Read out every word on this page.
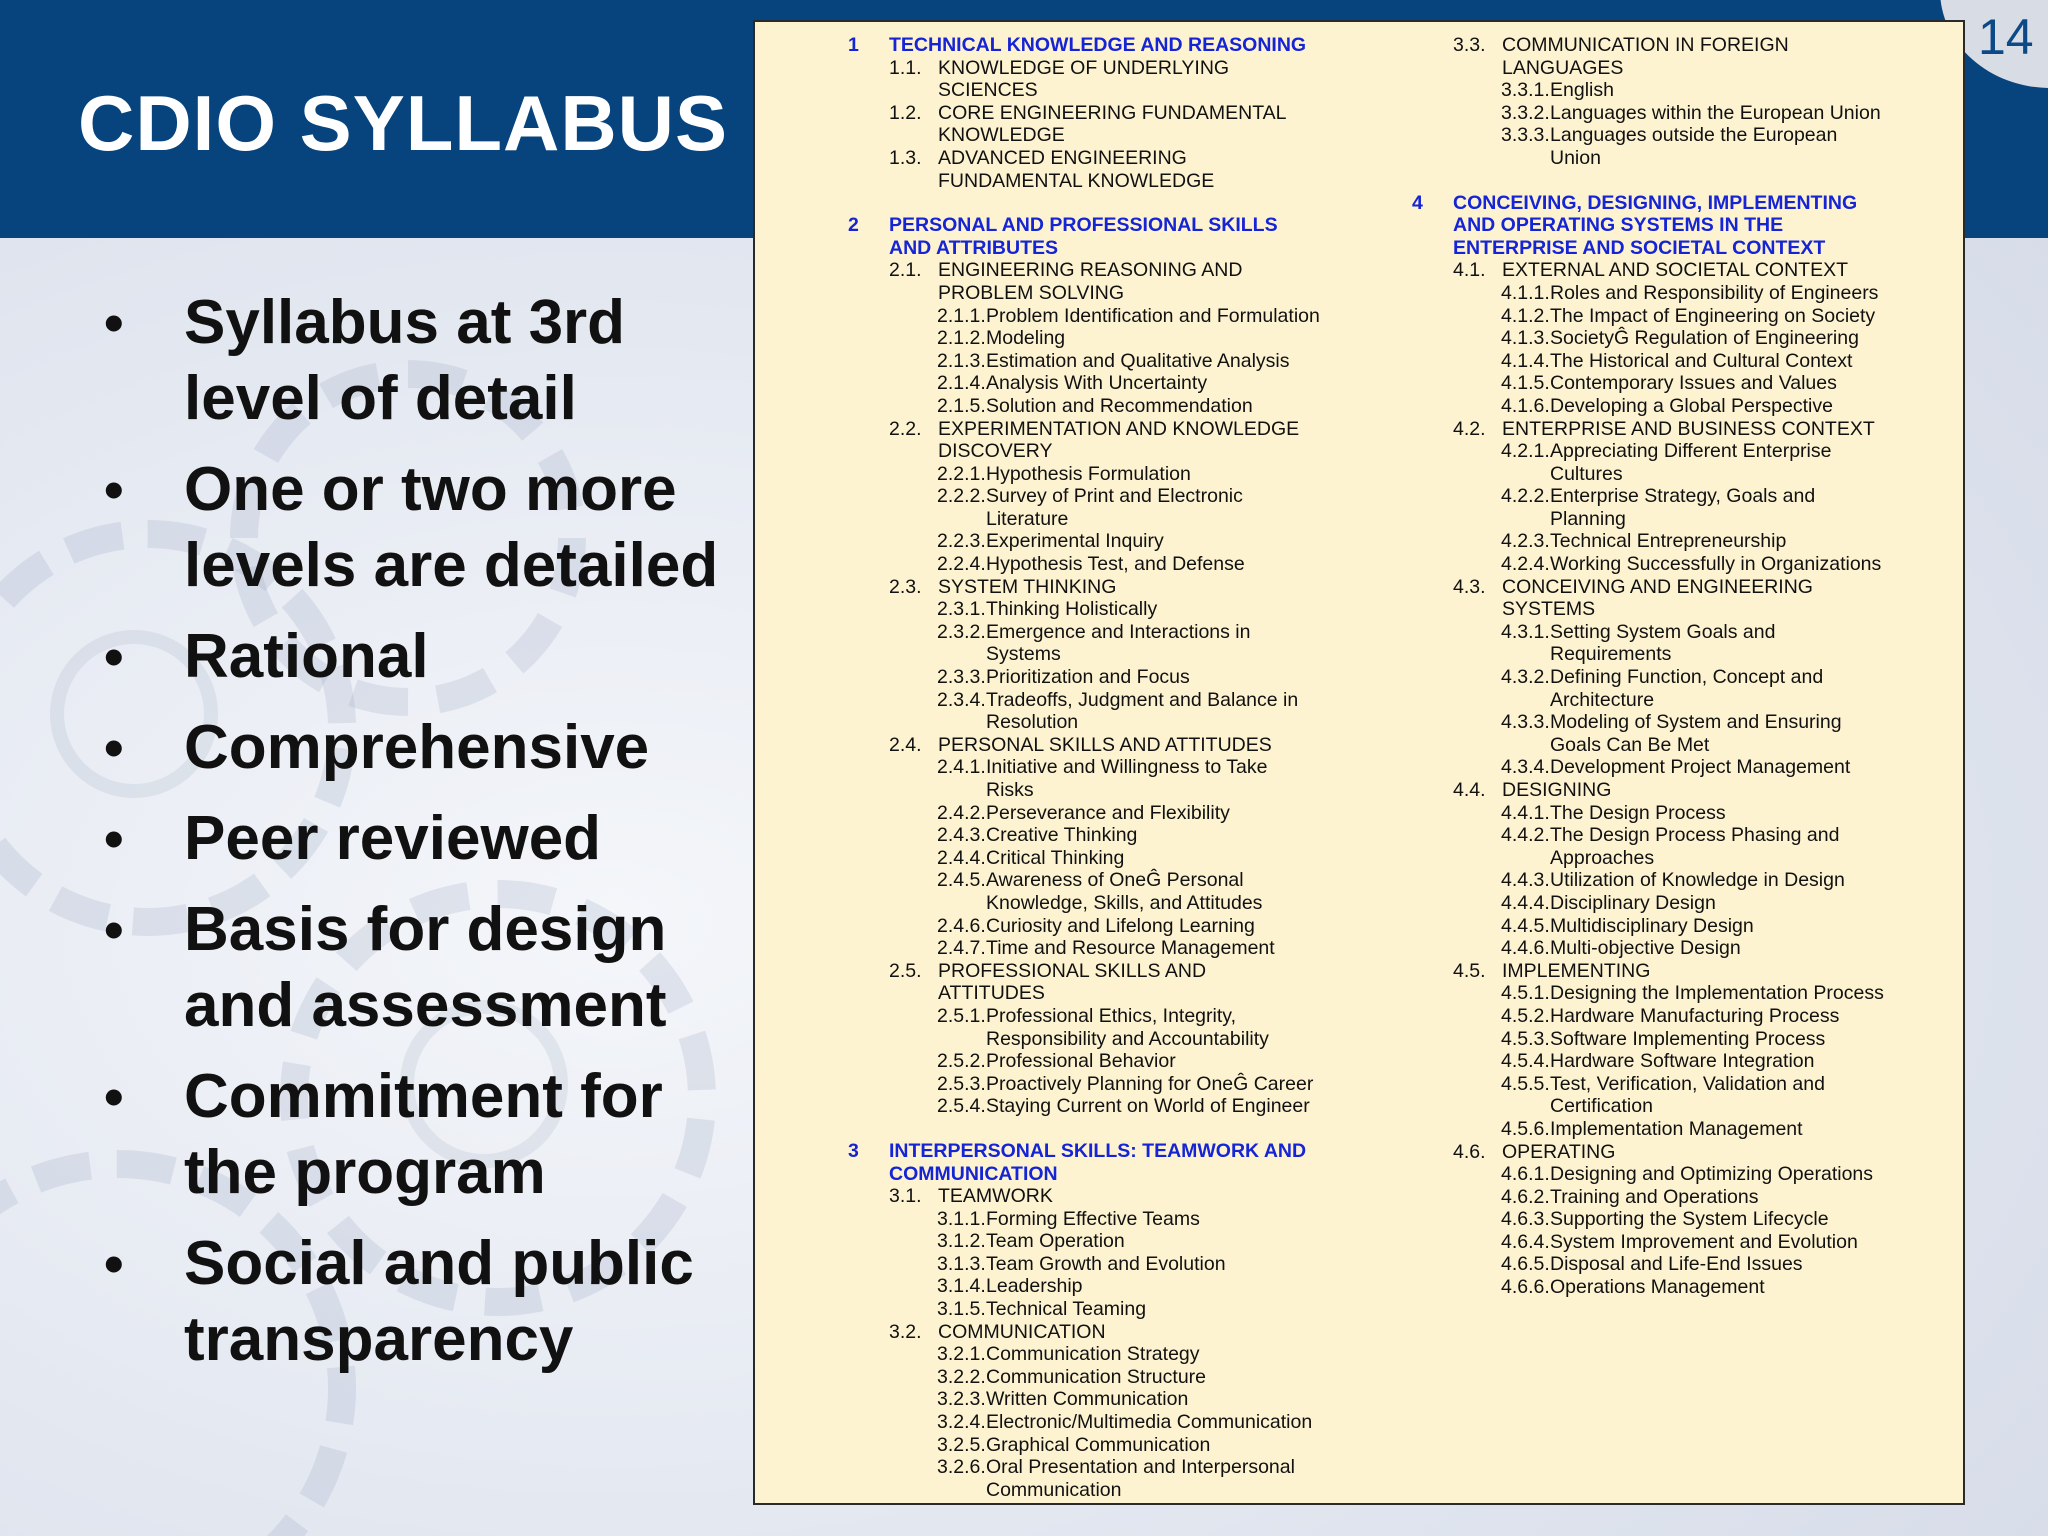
CDIO SYLLABUS
14
• Syllabus at 3rd level of detail
• One or two more levels are detailed
• Rational
• Comprehensive
• Peer reviewed
• Basis for design and assessment
• Commitment for the program
• Social and public transparency
1 TECHNICAL KNOWLEDGE AND REASONING
1.1. KNOWLEDGE OF UNDERLYING
SCIENCES
1.2. CORE ENGINEERING FUNDAMENTAL
KNOWLEDGE
1.3. ADVANCED ENGINEERING
FUNDAMENTAL KNOWLEDGE
2 PERSONAL AND PROFESSIONAL SKILLS
AND ATTRIBUTES
2.1. ENGINEERING REASONING AND
PROBLEM SOLVING
2.1.1. Problem Identification and Formulation
2.1.2. Modeling
2.1.3. Estimation and Qualitative Analysis
2.1.4. Analysis With Uncertainty
2.1.5. Solution and Recommendation
2.2. EXPERIMENTATION AND KNOWLEDGE
DISCOVERY
2.2.1. Hypothesis Formulation
2.2.2. Survey of Print and Electronic
Literature
2.2.3. Experimental Inquiry
2.2.4. Hypothesis Test, and Defense
2.3. SYSTEM THINKING
2.3.1. Thinking Holistically
2.3.2. Emergence and Interactions in
Systems
2.3.3. Prioritization and Focus
2.3.4. Tradeoffs, Judgment and Balance in
Resolution
2.4. PERSONAL SKILLS AND ATTITUDES
2.4.1. Initiative and Willingness to Take
Risks
2.4.2. Perseverance and Flexibility
2.4.3. Creative Thinking
2.4.4. Critical Thinking
2.4.5. Awareness of OneĜ Personal
Knowledge, Skills, and Attitudes
2.4.6. Curiosity and Lifelong Learning
2.4.7. Time and Resource Management
2.5. PROFESSIONAL SKILLS AND
ATTITUDES
2.5.1. Professional Ethics, Integrity,
Responsibility and Accountability
2.5.2. Professional Behavior
2.5.3. Proactively Planning for OneĜ Career
2.5.4. Staying Current on World of Engineer
3 INTERPERSONAL SKILLS: TEAMWORK AND
COMMUNICATION
3.1. TEAMWORK
3.1.1. Forming Effective Teams
3.1.2. Team Operation
3.1.3. Team Growth and Evolution
3.1.4. Leadership
3.1.5. Technical Teaming
3.2. COMMUNICATION
3.2.1. Communication Strategy
3.2.2. Communication Structure
3.2.3. Written Communication
3.2.4. Electronic/Multimedia Communication
3.2.5. Graphical Communication
3.2.6. Oral Presentation and Interpersonal
Communication
3.3. COMMUNICATION IN FOREIGN
LANGUAGES
3.3.1. English
3.3.2. Languages within the European Union
3.3.3. Languages outside the European
Union
4 CONCEIVING, DESIGNING, IMPLEMENTING
AND OPERATING SYSTEMS IN THE
ENTERPRISE AND SOCIETAL CONTEXT
4.1. EXTERNAL AND SOCIETAL CONTEXT
4.1.1. Roles and Responsibility of Engineers
4.1.2. The Impact of Engineering on Society
4.1.3. SocietyĜ Regulation of Engineering
4.1.4. The Historical and Cultural Context
4.1.5. Contemporary Issues and Values
4.1.6. Developing a Global Perspective
4.2. ENTERPRISE AND BUSINESS CONTEXT
4.2.1. Appreciating Different Enterprise
Cultures
4.2.2. Enterprise Strategy, Goals and
Planning
4.2.3. Technical Entrepreneurship
4.2.4. Working Successfully in Organizations
4.3. CONCEIVING AND ENGINEERING
SYSTEMS
4.3.1. Setting System Goals and
Requirements
4.3.2. Defining Function, Concept and
Architecture
4.3.3. Modeling of System and Ensuring
Goals Can Be Met
4.3.4. Development Project Management
4.4. DESIGNING
4.4.1. The Design Process
4.4.2. The Design Process Phasing and
Approaches
4.4.3. Utilization of Knowledge in Design
4.4.4. Disciplinary Design
4.4.5. Multidisciplinary Design
4.4.6. Multi-objective Design
4.5. IMPLEMENTING
4.5.1. Designing the Implementation Process
4.5.2. Hardware Manufacturing Process
4.5.3. Software Implementing Process
4.5.4. Hardware Software Integration
4.5.5. Test, Verification, Validation and
Certification
4.5.6. Implementation Management
4.6. OPERATING
4.6.1. Designing and Optimizing Operations
4.6.2. Training and Operations
4.6.3. Supporting the System Lifecycle
4.6.4. System Improvement and Evolution
4.6.5. Disposal and Life-End Issues
4.6.6. Operations Management
